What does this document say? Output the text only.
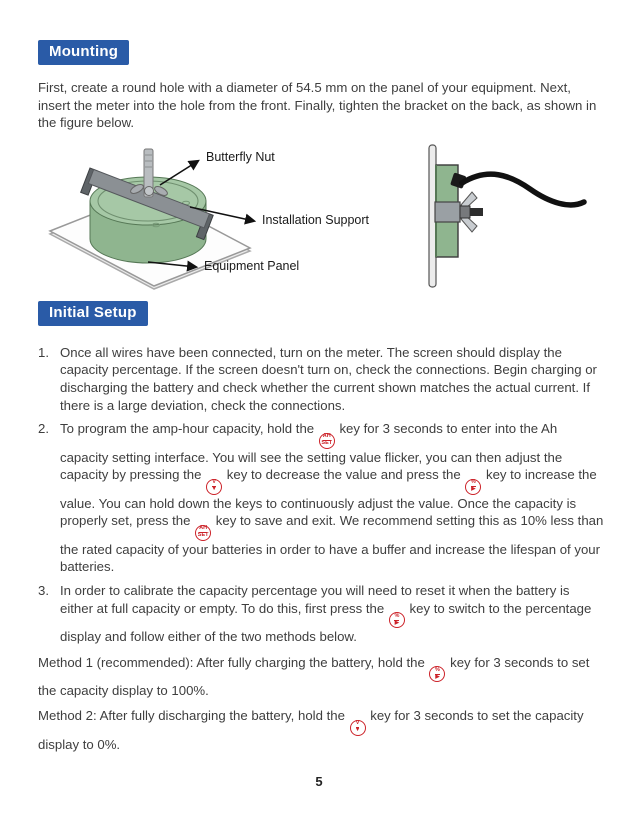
Mounting

First, create a round hole with a diameter of 54.5 mm on the panel of your equipment. Next, insert the meter into the hole from the front. Finally, tighten the bracket on the back, as shown in the figure below.

Butterfly Nut
Installation Support
Equipment Panel
Initial Setup
1. Once all wires have been connected, turn on the meter. The screen should display the capacity percentage. If the screen doesn't turn on, check the connections. Begin charging or discharging the battery and check whether the current shown matches the actual current. If there is a large deviation, check the connections.
2. To program the amp-hour capacity, hold the AH
SET
key for 3 seconds to enter into the Ah capacity setting interface. You will see the setting value flicker, you can then adjust the capacity by pressing the V
▼
key to decrease the value and press the %
▶
key to increase the value. You can hold down the keys to continuously adjust the value. Once the capacity is properly set, press the AH
SET
key to save and exit. We recommend setting this as 10% less than the rated capacity of your batteries in order to have a buffer and increase the lifespan of your batteries.
3. In order to calibrate the capacity percentage you will need to reset it when the battery is either at full capacity or empty. To do this, first press the %
▶
key to switch to the percentage display and follow either of the two methods below.

Method 1 (recommended): After fully charging the battery, hold the %
▶
key for 3 seconds to set the capacity display to 100%.

Method 2: After fully discharging the battery, hold the V
▼
key for 3 seconds to set the capacity display to 0%.

5
